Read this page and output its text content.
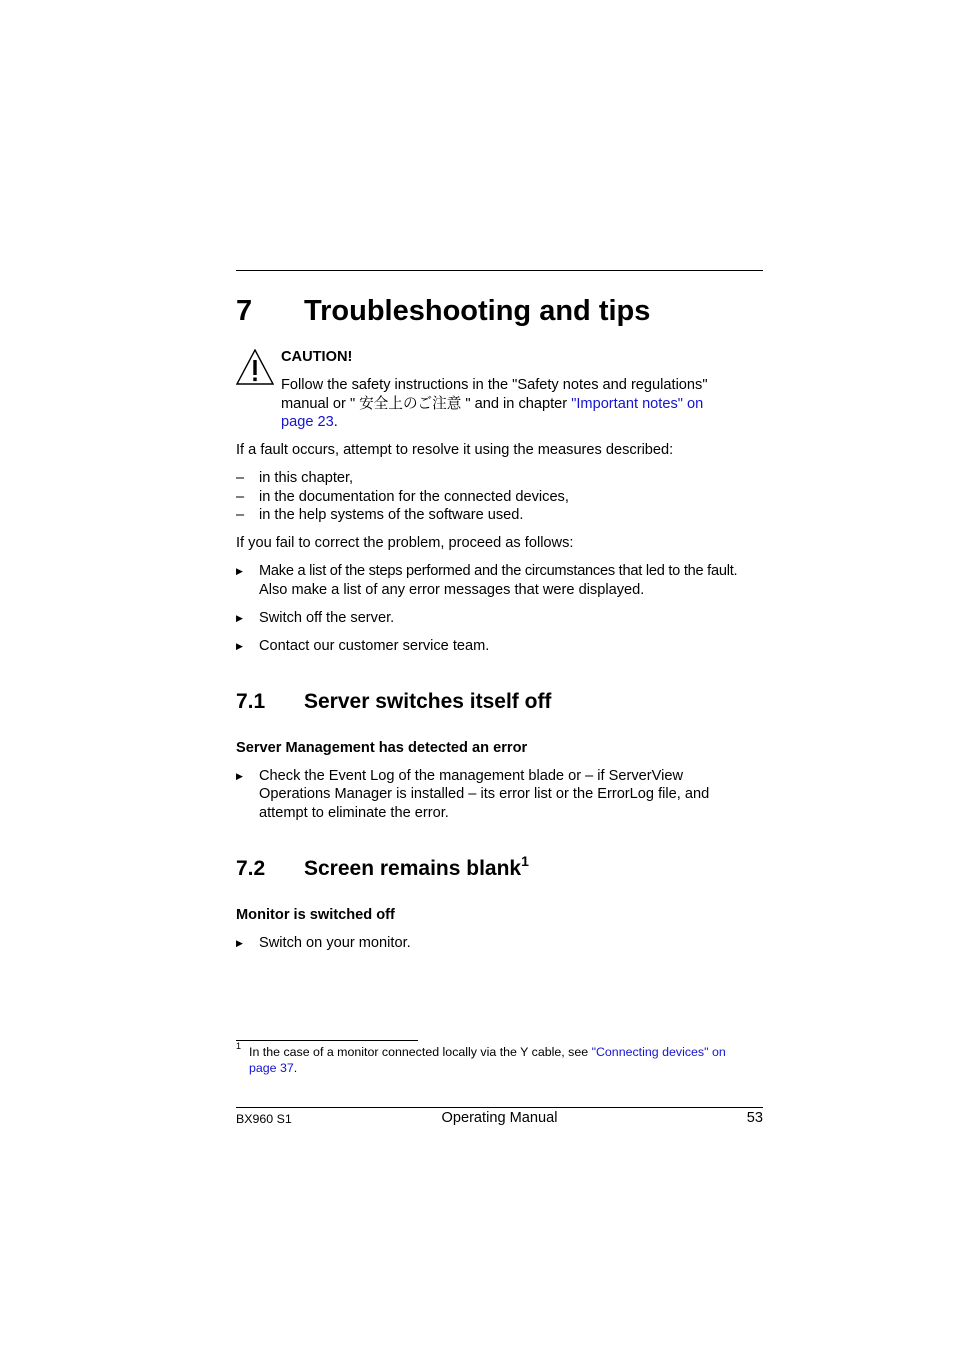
7 Troubleshooting and tips
CAUTION!
Follow the safety instructions in the "Safety notes and regulations"
manual or " 安全上のご注意 " and in chapter "Important notes" on
page 23.
If a fault occurs, attempt to resolve it using the measures described:
–	in this chapter,
–	in the documentation for the connected devices,
–	in the help systems of the software used.
If you fail to correct the problem, proceed as follows:
▶	Make a list of the steps performed and the circumstances that led to the fault.
Also make a list of any error messages that were displayed.
▶	Switch off the server.
▶	Contact our customer service team.
7.1 Server switches itself off
Server Management has detected an error
▶	Check the Event Log of the management blade or – if ServerView
Operations Manager is installed – its error list or the ErrorLog file, and
attempt to eliminate the error.
7.2 Screen remains blank$^1$
Monitor is switched off
▶	Switch on your monitor.
1 In the case of a monitor connected locally via the Y cable, see "Connecting devices" on
page 37.
BX960 S1	Operating Manual	53
